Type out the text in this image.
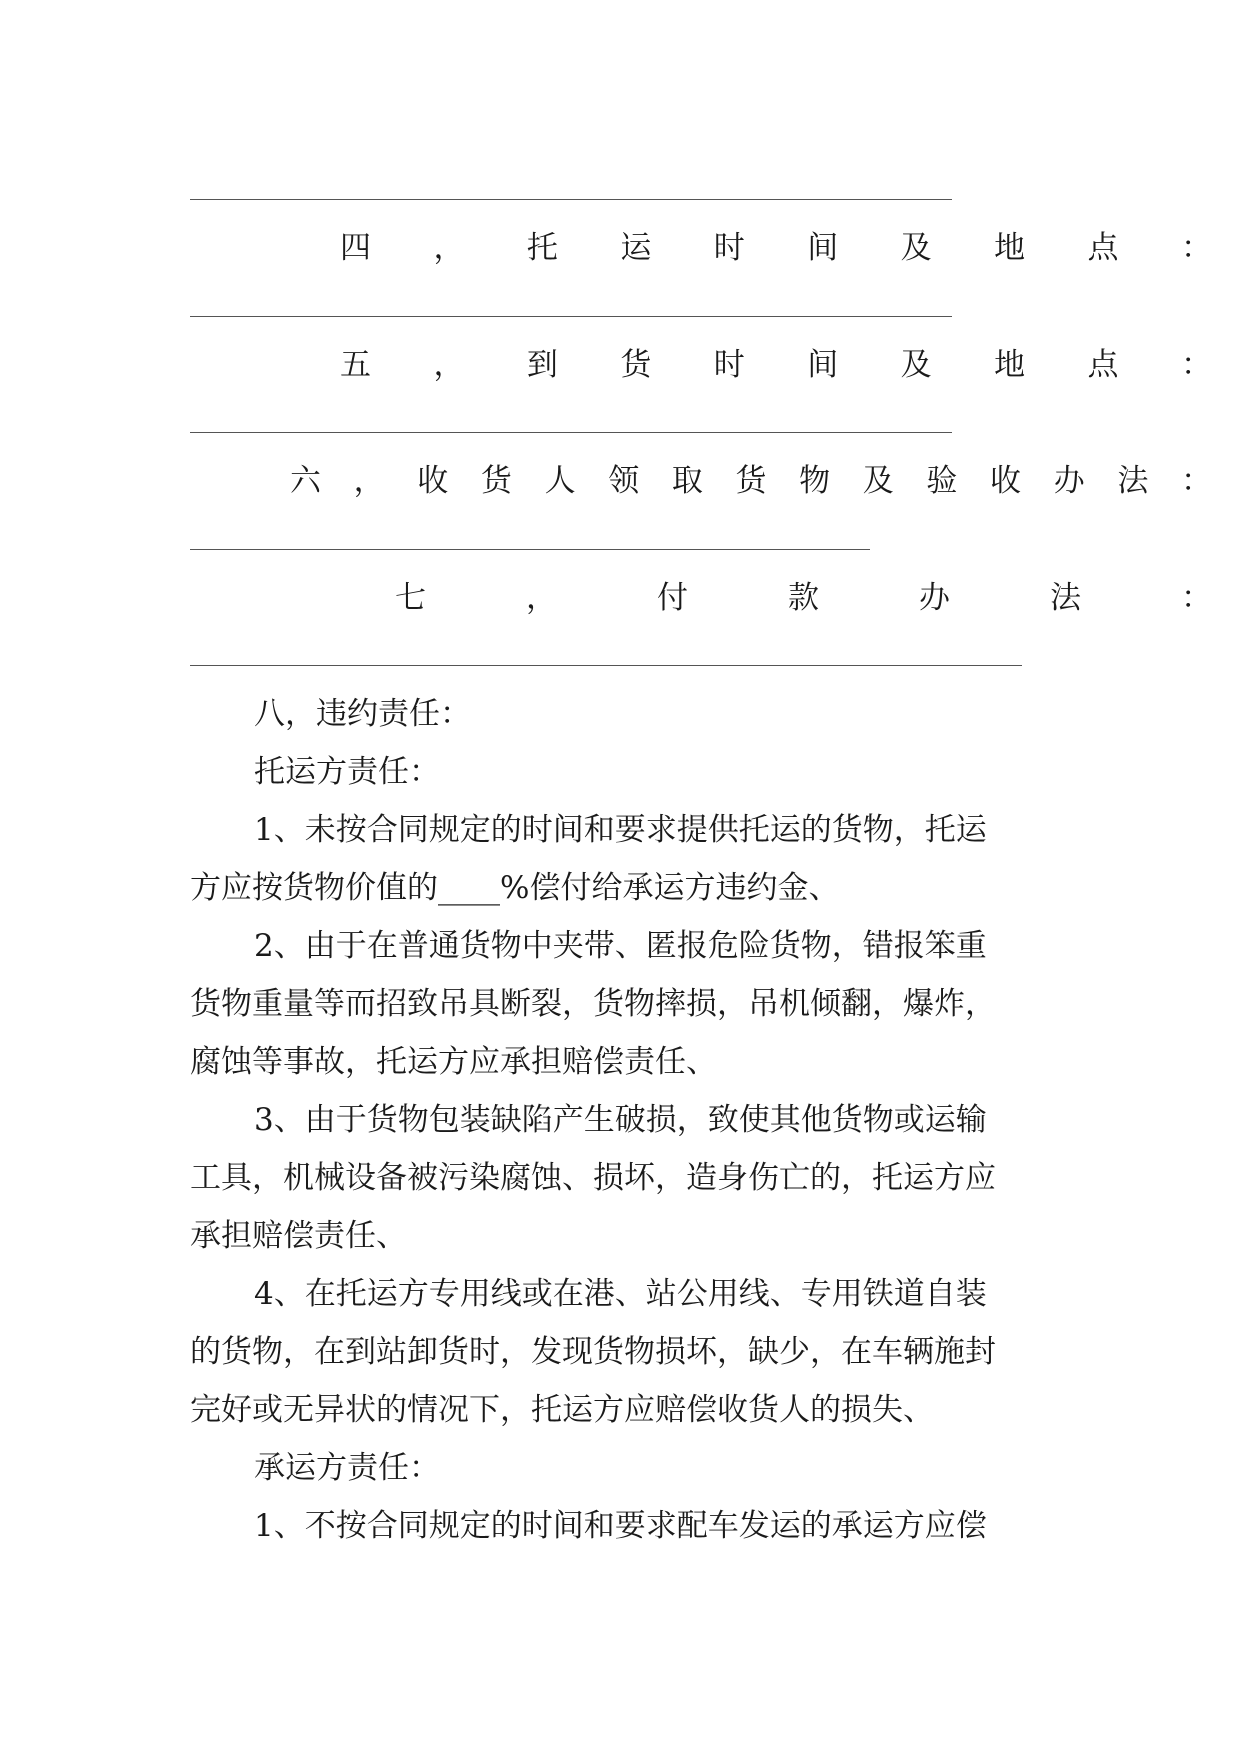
四 ， 托 运 时 间 及 地 点 ：
五 ， 到 货 时 间 及 地 点 ：
六 ， 收 货 人 领 取 货 物 及 验 收 办 法 ：
七	，	付	款	办	法	：
八，违约责任：
托运方责任：
1、未按合同规定的时间和要求提供托运的货物，托运
方应按货物价值的____%偿付给承运方违约金、
2、由于在普通货物中夹带、匿报危险货物，错报笨重
货物重量等而招致吊具断裂，货物摔损，吊机倾翻，爆炸，
腐蚀等事故，托运方应承担赔偿责任、
3、由于货物包装缺陷产生破损，致使其他货物或运输
工具，机械设备被污染腐蚀、损坏，造身伤亡的，托运方应
承担赔偿责任、
4、在托运方专用线或在港、站公用线、专用铁道自装
的货物，在到站卸货时，发现货物损坏，缺少，在车辆施封
完好或无异状的情况下，托运方应赔偿收货人的损失、
承运方责任：
1、不按合同规定的时间和要求配车发运的承运方应偿
